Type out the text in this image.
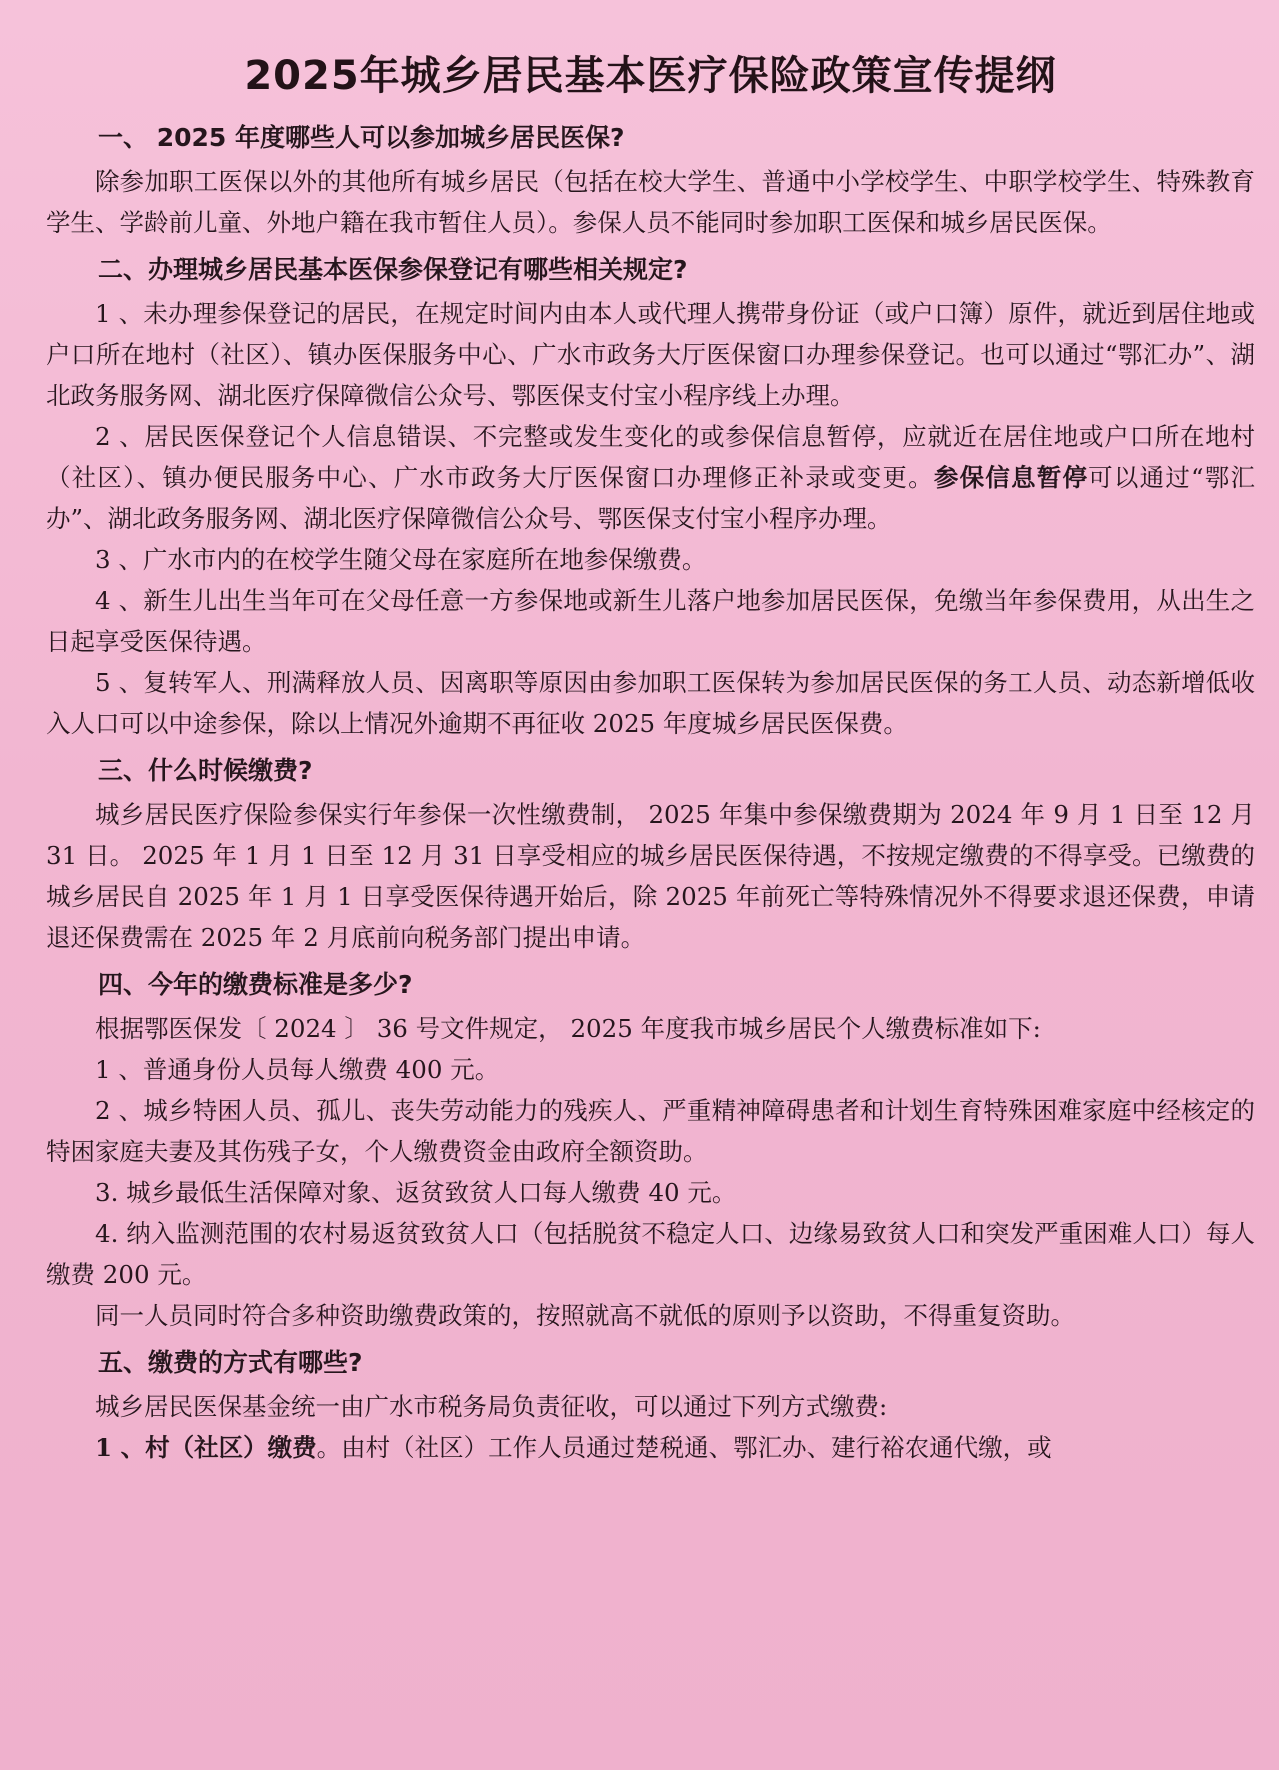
2025年城乡居民基本医疗保险政策宣传提纲
一、 2025 年度哪些人可以参加城乡居民医保?

除参加职工医保以外的其他所有城乡居民（包括在校大学生、普通中小学校学生、中职学校学生、特殊教育学生、学龄前儿童、外地户籍在我市暂住人员）。参保人员不能同时参加职工医保和城乡居民医保。

二、办理城乡居民基本医保参保登记有哪些相关规定?

1 、未办理参保登记的居民，在规定时间内由本人或代理人携带身份证（或户口簿）原件，就近到居住地或户口所在地村（社区）、镇办医保服务中心、广水市政务大厅医保窗口办理参保登记。也可以通过“鄂汇办”、湖北政务服务网、湖北医疗保障微信公众号、鄂医保支付宝小程序线上办理。

2 、居民医保登记个人信息错误、不完整或发生变化的或参保信息暂停，应就近在居住地或户口所在地村（社区）、镇办便民服务中心、广水市政务大厅医保窗口办理修正补录或变更。参保信息暂停可以通过“鄂汇办”、湖北政务服务网、湖北医疗保障微信公众号、鄂医保支付宝小程序办理。

3 、广水市内的在校学生随父母在家庭所在地参保缴费。

4 、新生儿出生当年可在父母任意一方参保地或新生儿落户地参加居民医保，免缴当年参保费用，从出生之日起享受医保待遇。

5 、复转军人、刑满释放人员、因离职等原因由参加职工医保转为参加居民医保的务工人员、动态新增低收入人口可以中途参保，除以上情况外逾期不再征收 2025 年度城乡居民医保费。

三、什么时候缴费?

城乡居民医疗保险参保实行年参保一次性缴费制， 2025 年集中参保缴费期为 2024 年 9 月 1 日至 12 月 31 日。 2025 年 1 月 1 日至 12 月 31 日享受相应的城乡居民医保待遇，不按规定缴费的不得享受。已缴费的城乡居民自 2025 年 1 月 1 日享受医保待遇开始后，除 2025 年前死亡等特殊情况外不得要求退还保费，申请退还保费需在 2025 年 2 月底前向税务部门提出申请。

四、今年的缴费标准是多少?

根据鄂医保发〔 2024 〕 36 号文件规定， 2025 年度我市城乡居民个人缴费标准如下:

1 、普通身份人员每人缴费 400 元。

2 、城乡特困人员、孤儿、丧失劳动能力的残疾人、严重精神障碍患者和计划生育特殊困难家庭中经核定的特困家庭夫妻及其伤残子女，个人缴费资金由政府全额资助。

3. 城乡最低生活保障对象、返贫致贫人口每人缴费 40 元。

4. 纳入监测范围的农村易返贫致贫人口（包括脱贫不稳定人口、边缘易致贫人口和突发严重困难人口）每人缴费 200 元。

同一人员同时符合多种资助缴费政策的，按照就高不就低的原则予以资助，不得重复资助。

五、缴费的方式有哪些?

城乡居民医保基金统一由广水市税务局负责征收，可以通过下列方式缴费:

1 、村（社区）缴费。由村（社区）工作人员通过楚税通、鄂汇办、建行裕农通代缴，或
